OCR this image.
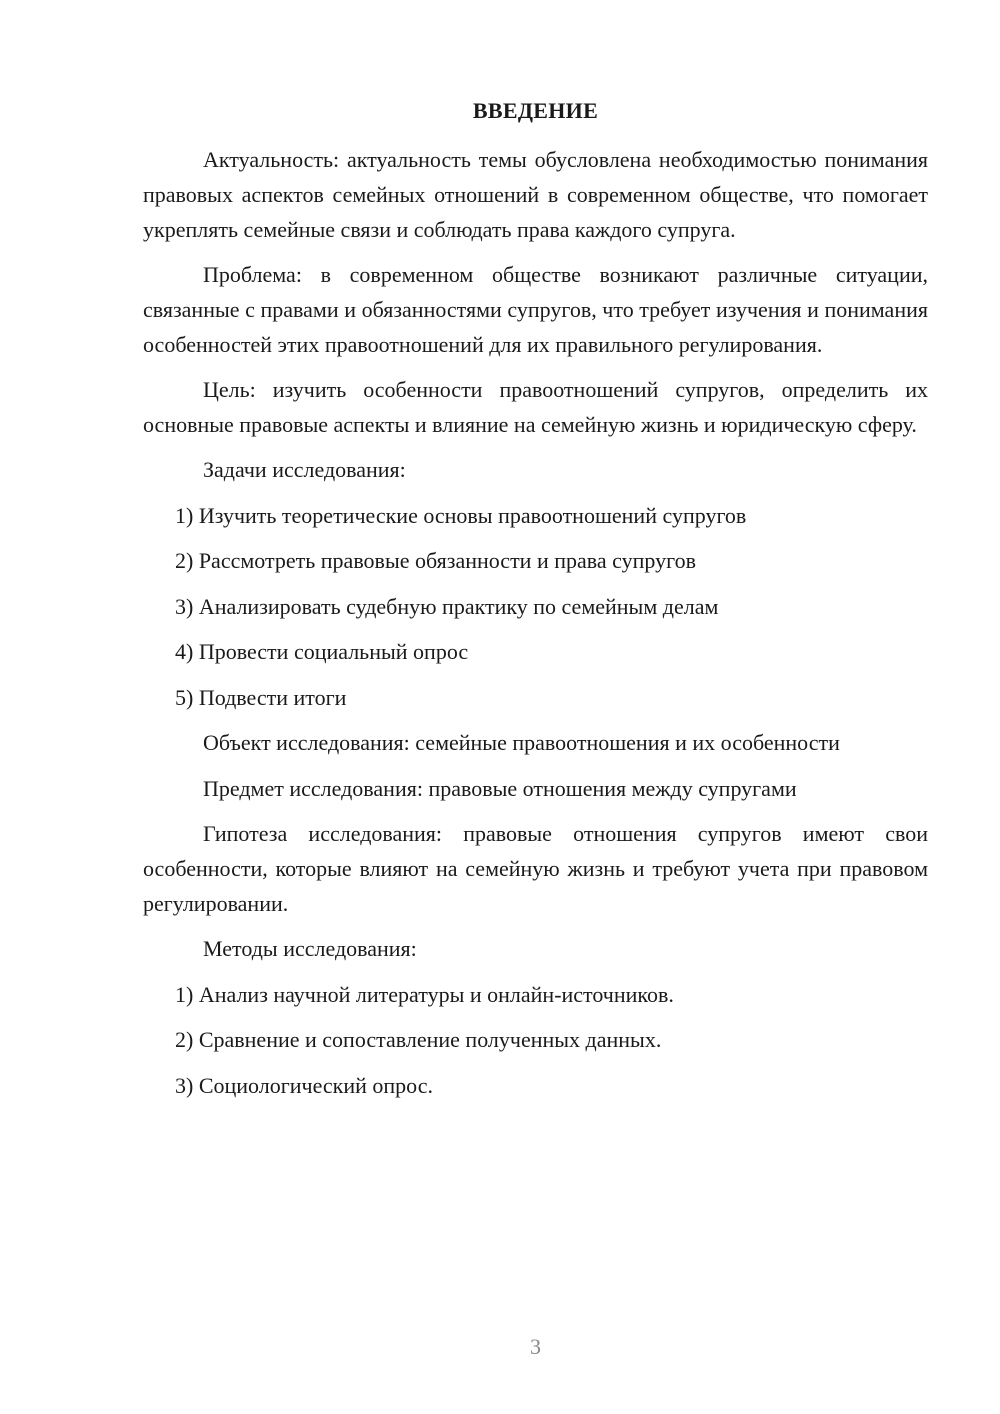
ВВЕДЕНИЕ

Актуальность: актуальность темы обусловлена необходимостью понимания правовых аспектов семейных отношений в современном обществе, что помогает укреплять семейные связи и соблюдать права каждого супруга.

Проблема: в современном обществе возникают различные ситуации, связанные с правами и обязанностями супругов, что требует изучения и понимания особенностей этих правоотношений для их правильного регулирования.

Цель: изучить особенности правоотношений супругов, определить их основные правовые аспекты и влияние на семейную жизнь и юридическую сферу.

Задачи исследования:
1) Изучить теоретические основы правоотношений супругов
2) Рассмотреть правовые обязанности и права супругов
3) Анализировать судебную практику по семейным делам
4) Провести социальный опрос
5) Подвести итоги
Объект исследования: семейные правоотношения и их особенности
Предмет исследования: правовые отношения между супругами

Гипотеза исследования: правовые отношения супругов имеют свои особенности, которые влияют на семейную жизнь и требуют учета при правовом регулировании.

Методы исследования:
1) Анализ научной литературы и онлайн-источников.
2) Сравнение и сопоставление полученных данных.
3) Социологический опрос.
3
